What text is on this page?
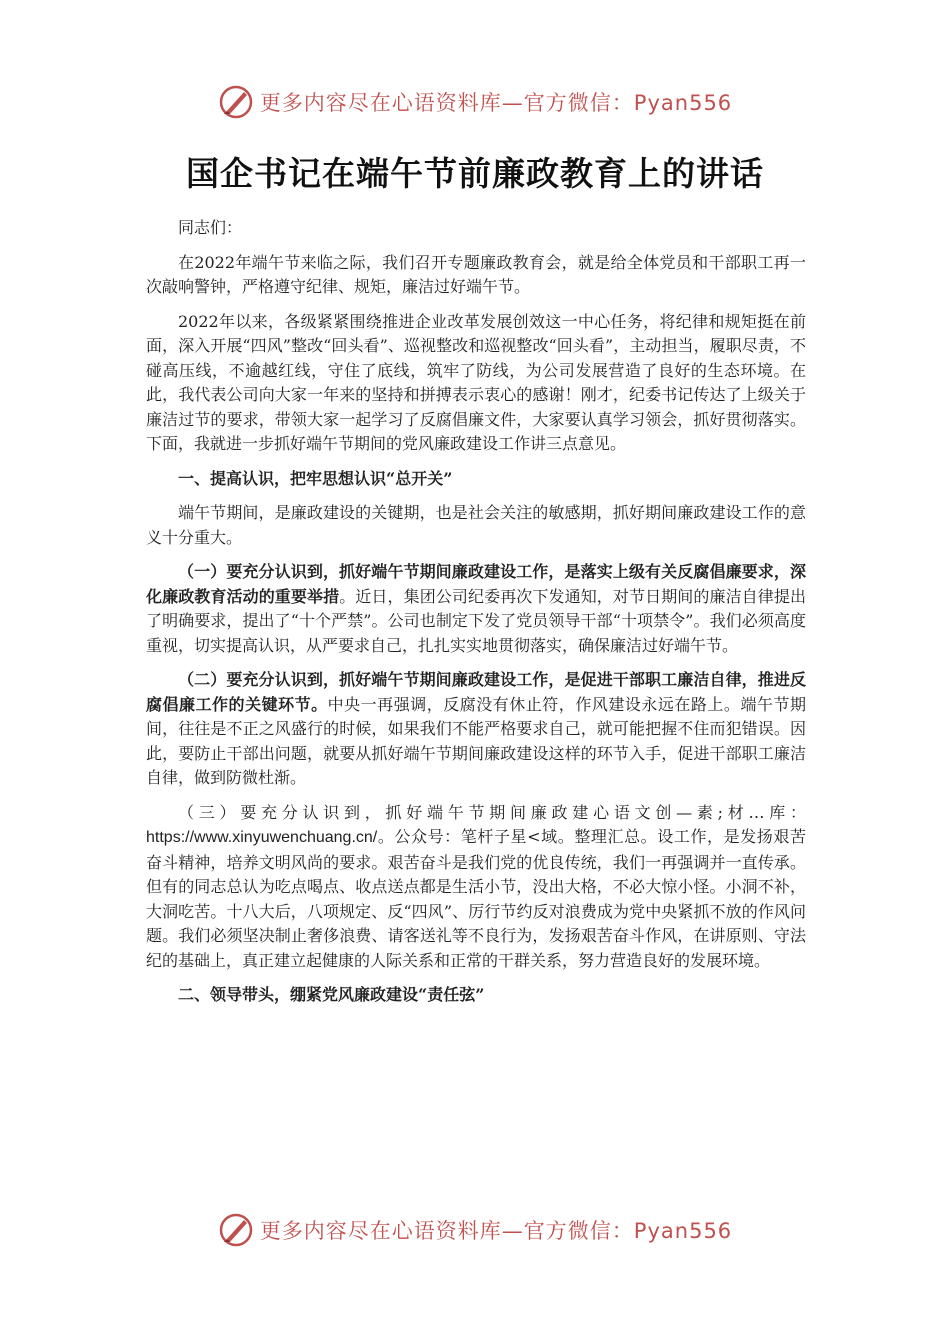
更多内容尽在心语资料库—官方微信：Pyan556
国企书记在端午节前廉政教育上的讲话

同志们：

在2022年端午节来临之际，我们召开专题廉政教育会，就是给全体党员和干部职工再一次敲响警钟，严格遵守纪律、规矩，廉洁过好端午节。

2022年以来，各级紧紧围绕推进企业改革发展创效这一中心任务，将纪律和规矩挺在前面，深入开展“四风”整改“回头看”、巡视整改和巡视整改“回头看”，主动担当，履职尽责，不碰高压线，不逾越红线，守住了底线，筑牢了防线，为公司发展营造了良好的生态环境。在此，我代表公司向大家一年来的坚持和拼搏表示衷心的感谢！刚才，纪委书记传达了上级关于廉洁过节的要求，带领大家一起学习了反腐倡廉文件，大家要认真学习领会，抓好贯彻落实。下面，我就进一步抓好端午节期间的党风廉政建设工作讲三点意见。

一、提高认识，把牢思想认识“总开关”

端午节期间，是廉政建设的关键期，也是社会关注的敏感期，抓好期间廉政建设工作的意义十分重大。

（一）要充分认识到，抓好端午节期间廉政建设工作，是落实上级有关反腐倡廉要求，深化廉政教育活动的重要举措。近日，集团公司纪委再次下发通知，对节日期间的廉洁自律提出了明确要求，提出了“十个严禁”。公司也制定下发了党员领导干部“十项禁令”。我们必须高度重视，切实提高认识，从严要求自己，扎扎实实地贯彻落实，确保廉洁过好端午节。

（二）要充分认识到，抓好端午节期间廉政建设工作，是促进干部职工廉洁自律，推进反腐倡廉工作的关键环节。中央一再强调，反腐没有休止符，作风建设永远在路上。端午节期间，往往是不正之风盛行的时候，如果我们不能严格要求自己，就可能把握不住而犯错误。因此，要防止干部出问题，就要从抓好端午节期间廉政建设这样的环节入手，促进干部职工廉洁自律，做到防微杜渐。

（三）要充分认识到，抓好端午节期间廉政建心语文创—素;材…库：https://www.xinyuwenchuang.cn/。公众号：笔杆子星<域。整理汇总。设工作，是发扬艰苦奋斗精神，培养文明风尚的要求。艰苦奋斗是我们党的优良传统，我们一再强调并一直传承。但有的同志总认为吃点喝点、收点送点都是生活小节，没出大格，不必大惊小怪。小洞不补，大洞吃苦。十八大后，八项规定、反“四风”、厉行节约反对浪费成为党中央紧抓不放的作风问题。我们必须坚决制止奢侈浪费、请客送礼等不良行为，发扬艰苦奋斗作风，在讲原则、守法纪的基础上，真正建立起健康的人际关系和正常的干群关系，努力营造良好的发展环境。

二、领导带头，绷紧党风廉政建设“责任弦”

更多内容尽在心语资料库—官方微信：Pyan556
